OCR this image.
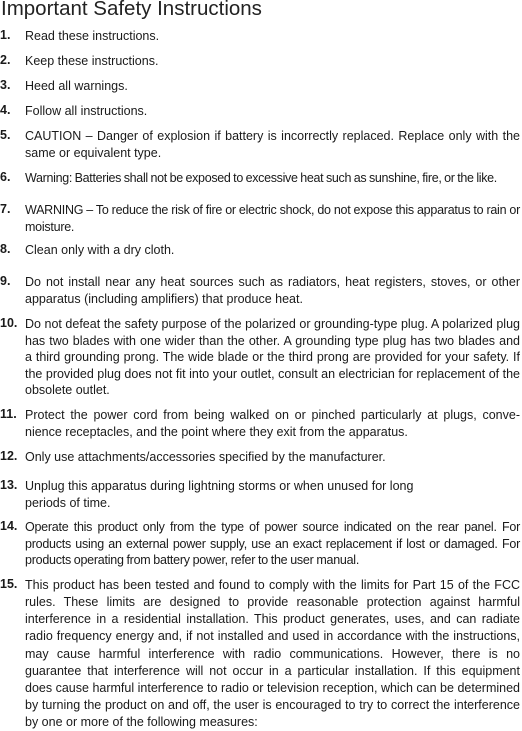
Important Safety Instructions
1. Read these instructions.
2. Keep these instructions.
3. Heed all warnings.
4. Follow all instructions.
5. CAUTION – Danger of explosion if battery is incorrectly replaced. Replace only with the same or equivalent type.
6. Warning: Batteries shall not be exposed to excessive heat such as sunshine, fire, or the like.
7. WARNING – To reduce the risk of fire or electric shock, do not expose this apparatus to rain or moisture.
8. Clean only with a dry cloth.
9. Do not install near any heat sources such as radiators, heat registers, stoves, or other apparatus (including amplifiers) that produce heat.
10. Do not defeat the safety purpose of the polarized or grounding-type plug. A polarized plug has two blades with one wider than the other. A grounding type plug has two blades and a third grounding prong. The wide blade or the third prong are provided for your safety. If the provided plug does not fit into your outlet, consult an electrician for replacement of the obsolete outlet.
11. Protect the power cord from being walked on or pinched particularly at plugs, convenience receptacles, and the point where they exit from the apparatus.
12. Only use attachments/accessories specified by the manufacturer.
13. Unplug this apparatus during lightning storms or when unused for long periods of time.
14. Operate this product only from the type of power source indicated on the rear panel. For products using an external power supply, use an exact replacement if lost or damaged. For products operating from battery power, refer to the user manual.
15. This product has been tested and found to comply with the limits for Part 15 of the FCC rules. These limits are designed to provide reasonable protection against harmful interference in a residential installation. This product generates, uses, and can radiate radio frequency energy and, if not installed and used in accordance with the instructions, may cause harmful interference with radio communications. However, there is no guarantee that interference will not occur in a particular installation. If this equipment does cause harmful interference to radio or television reception, which can be determined by turning the product on and off, the user is encouraged to try to correct the interference by one or more of the following measures:
